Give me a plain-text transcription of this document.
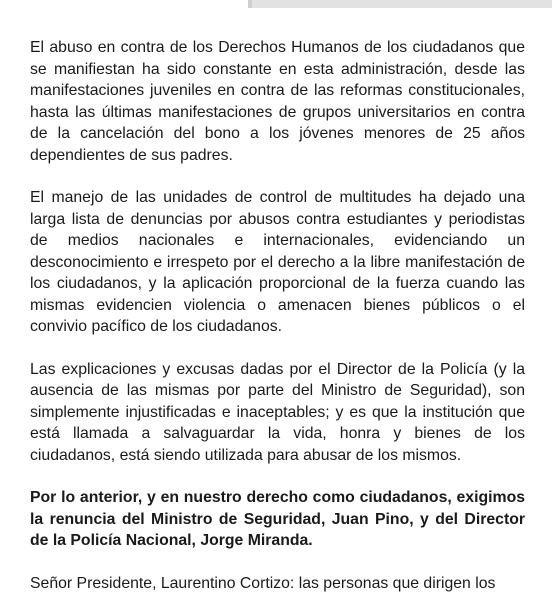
El abuso en contra de los Derechos Humanos de los ciudadanos que se manifiestan ha sido constante en esta administración, desde las manifestaciones juveniles en contra de las reformas constitucionales, hasta las últimas manifestaciones de grupos universitarios en contra de la cancelación del bono a los jóvenes menores de 25 años dependientes de sus padres.

El manejo de las unidades de control de multitudes ha dejado una larga lista de denuncias por abusos contra estudiantes y periodistas de medios nacionales e internacionales, evidenciando un desconocimiento e irrespeto por el derecho a la libre manifestación de los ciudadanos, y la aplicación proporcional de la fuerza cuando las mismas evidencien violencia o amenacen bienes públicos o el convivio pacífico de los ciudadanos.

Las explicaciones y excusas dadas por el Director de la Policía (y la ausencia de las mismas por parte del Ministro de Seguridad), son simplemente injustificadas e inaceptables; y es que la institución que está llamada a salvaguardar la vida, honra y bienes de los ciudadanos, está siendo utilizada para abusar de los mismos.

Por lo anterior, y en nuestro derecho como ciudadanos, exigimos la renuncia del Ministro de Seguridad, Juan Pino, y del Director de la Policía Nacional, Jorge Miranda.

Señor Presidente, Laurentino Cortizo: las personas que dirigen los
